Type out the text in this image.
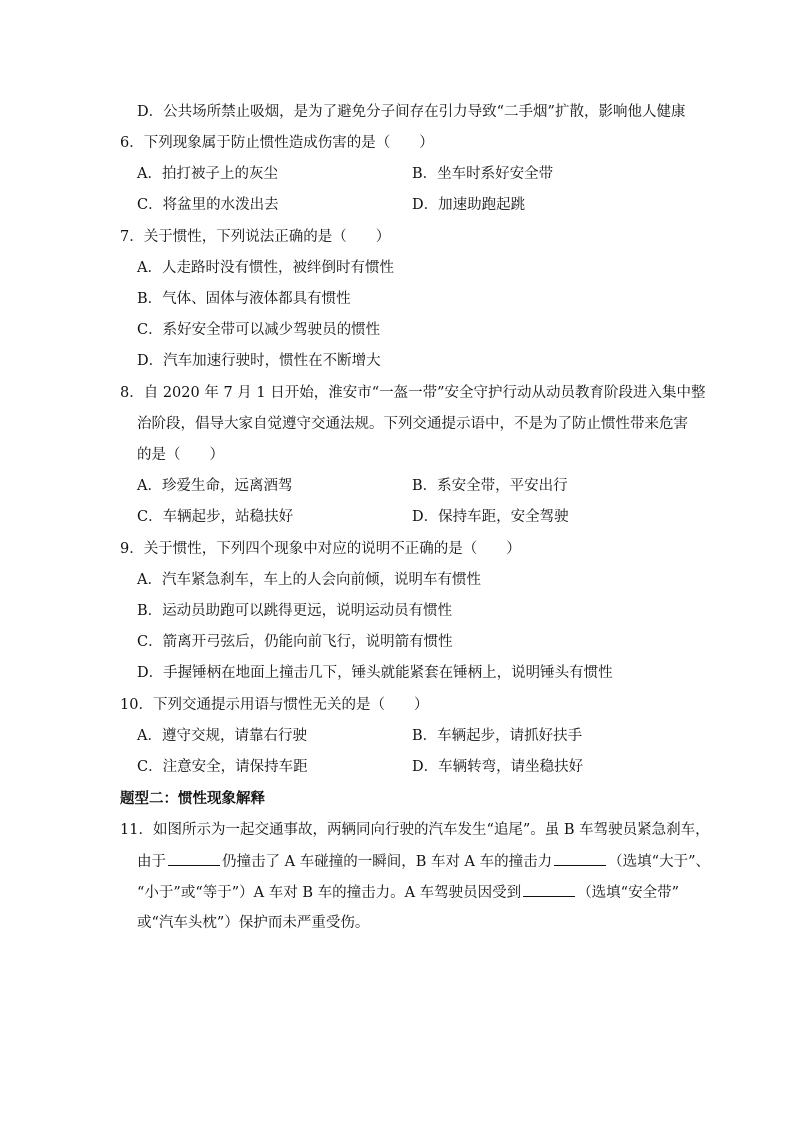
D．公共场所禁止吸烟，是为了避免分子间存在引力导致“二手烟”扩散，影响他人健康
6．下列现象属于防止惯性造成伤害的是（　　）
A．拍打被子上的灰尘	B．坐车时系好安全带
C．将盆里的水泼出去	D．加速助跑起跳
7．关于惯性，下列说法正确的是（　　）
A．人走路时没有惯性，被绊倒时有惯性
B．气体、固体与液体都具有惯性
C．系好安全带可以减少驾驶员的惯性
D．汽车加速行驶时，惯性在不断增大
8．自 2020 年 7 月 1 日开始，淮安市“一盔一带”安全守护行动从动员教育阶段进入集中整
治阶段，倡导大家自觉遵守交通法规。下列交通提示语中，不是为了防止惯性带来危害
的是（　　）
A．珍爱生命，远离酒驾	B．系安全带，平安出行
C．车辆起步，站稳扶好	D．保持车距，安全驾驶
9．关于惯性，下列四个现象中对应的说明不正确的是（　　）
A．汽车紧急刹车，车上的人会向前倾，说明车有惯性
B．运动员助跑可以跳得更远，说明运动员有惯性
C．箭离开弓弦后，仍能向前飞行，说明箭有惯性
D．手握锤柄在地面上撞击几下，锤头就能紧套在锤柄上，说明锤头有惯性
10．下列交通提示用语与惯性无关的是（　　）
A．遵守交规，请靠右行驶	B．车辆起步，请抓好扶手
C．注意安全，请保持车距	D．车辆转弯，请坐稳扶好
题型二：惯性现象解释
11．如图所示为一起交通事故，两辆同向行驶的汽车发生“追尾”。虽 B 车驾驶员紧急刹车，
由于	仍撞击了 A 车碰撞的一瞬间，B 车对 A 车的撞击力	（选填“大于”、
“小于”或“等于”）A 车对 B 车的撞击力。A 车驾驶员因受到	（选填“安全带”
或“汽车头枕”）保护而未严重受伤。
